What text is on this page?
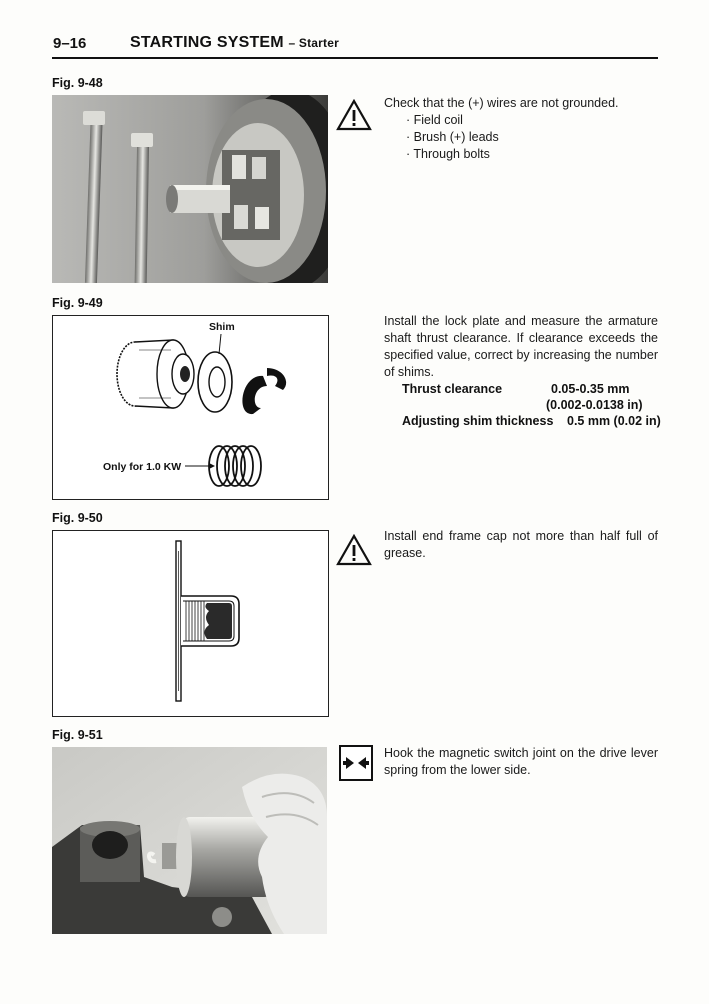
9–16	STARTING SYSTEM – Starter
Fig. 9-48
Check that the (+) wires are not grounded.
· Field coil
· Brush (+) leads
· Through bolts
Fig. 9-49
Shim
Only for 1.0 KW
Install the lock plate and measure the armature shaft thrust clearance. If clearance exceeds the specified value, correct by increasing the number of shims.
Thrust clearance	0.05-0.35 mm
(0.002-0.0138 in)
Adjusting shim thickness 0.5 mm (0.02 in)
Fig. 9-50
Install end frame cap not more than half full of grease.
Fig. 9-51
Hook the magnetic switch joint on the drive lever spring from the lower side.
